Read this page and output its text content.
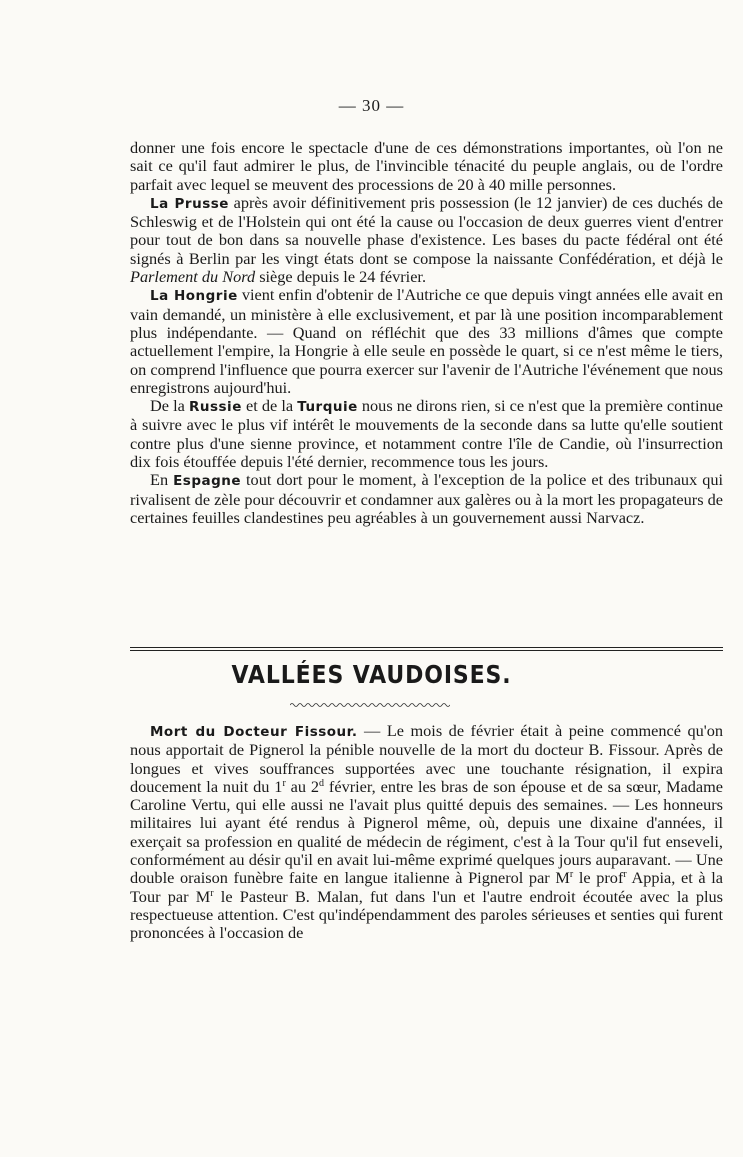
— 30 —

donner une fois encore le spectacle d'une de ces démonstrations importantes, où l'on ne sait ce qu'il faut admirer le plus, de l'invincible ténacité du peuple anglais, ou de l'ordre parfait avec lequel se meuvent des processions de 20 à 40 mille personnes.

La Prusse après avoir définitivement pris possession (le 12 janvier) de ces duchés de Schleswig et de l'Holstein qui ont été la cause ou l'occasion de deux guerres vient d'entrer pour tout de bon dans sa nouvelle phase d'existence. Les bases du pacte fédéral ont été signés à Berlin par les vingt états dont se compose la naissante Confédération, et déjà le Parlement du Nord siège depuis le 24 février.

La Hongrie vient enfin d'obtenir de l'Autriche ce que depuis vingt années elle avait en vain demandé, un ministère à elle exclusivement, et par là une position incomparablement plus indépendante. — Quand on réfléchit que des 33 millions d'âmes que compte actuellement l'empire, la Hongrie à elle seule en possède le quart, si ce n'est même le tiers, on comprend l'influence que pourra exercer sur l'avenir de l'Autriche l'événement que nous enregistrons aujourd'hui.

De la Russie et de la Turquie nous ne dirons rien, si ce n'est que la première continue à suivre avec le plus vif intérêt le mouvements de la seconde dans sa lutte qu'elle soutient contre plus d'une sienne province, et notamment contre l'île de Candie, où l'insurrection dix fois étouffée depuis l'été dernier, recommence tous les jours.

En Espagne tout dort pour le moment, à l'exception de la police et des tribunaux qui rivalisent de zèle pour découvrir et condamner aux galères ou à la mort les propagateurs de certaines feuilles clandestines peu agréables à un gouvernement aussi Narvacz.

VALLÉES VAUDOISES.

Mort du Docteur Fissour. — Le mois de février était à peine commencé qu'on nous apportait de Pignerol la pénible nouvelle de la mort du docteur B. Fissour. Après de longues et vives souffrances supportées avec une touchante résignation, il expira doucement la nuit du 1$^r$ au 2$^d$ février, entre les bras de son épouse et de sa sœur, Madame Caroline Vertu, qui elle aussi ne l'avait plus quitté depuis des semaines. — Les honneurs militaires lui ayant été rendus à Pignerol même, où, depuis une dixaine d'années, il exerçait sa profession en qualité de médecin de régiment, c'est à la Tour qu'il fut enseveli, conformément au désir qu'il en avait lui-même exprimé quelques jours auparavant. — Une double oraison funèbre faite en langue italienne à Pignerol par $M^r$ le prof$^r$ Appia, et à la Tour par $M^r$ le Pasteur B. Malan, fut dans l'un et l'autre endroit écoutée avec la plus respectueuse attention. C'est qu'indépendamment des paroles sérieuses et senties qui furent prononcées à l'occasion de
